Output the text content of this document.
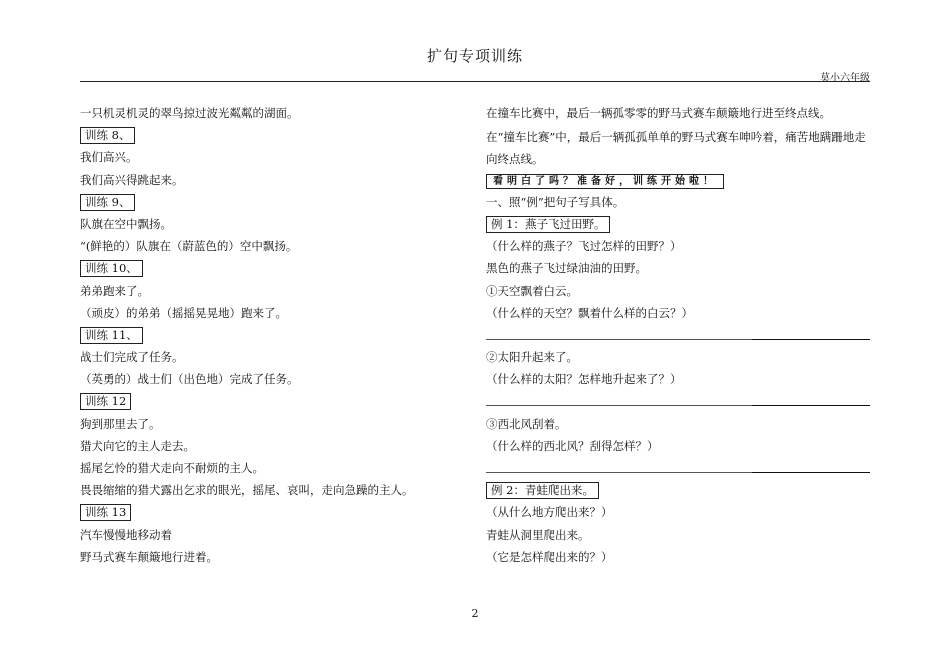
扩句专项训练
莫小六年级
一只机灵机灵的翠鸟掠过波光粼粼的湖面。
训练 8、
我们高兴。
我们高兴得跳起来。
训练 9、
队旗在空中飘扬。
“(鲜艳的）队旗在（蔚蓝色的）空中飘扬。
训练 10、
弟弟跑来了。
（顽皮）的弟弟（摇摇晃晃地）跑来了。
训练 11、
战士们完成了任务。
（英勇的）战士们（出色地）完成了任务。
训练 12
狗到那里去了。
猎犬向它的主人走去。
摇尾乞怜的猎犬走向不耐烦的主人。
畏畏缩缩的猎犬露出乞求的眼光，摇尾、哀叫，走向急躁的主人。
训练 13
汽车慢慢地移动着
野马式赛车颠簸地行进着。
在撞车比赛中，最后一辆孤零零的野马式赛车颠簸地行进至终点线。
在“撞车比赛”中，最后一辆孤孤单单的野马式赛车呻吟着，痛苦地蹒跚地走向终点线。
看明白了吗？准备好，训练开始啦！
一、照“例”把句子写具体。
例 1：燕子飞过田野。
（什么样的燕子？飞过怎样的田野？）
黑色的燕子飞过绿油油的田野。
①天空飘着白云。
（什么样的天空？飘着什么样的白云？）
②太阳升起来了。
（什么样的太阳？怎样地升起来了？）
③西北风刮着。
（什么样的西北风？刮得怎样？）
例 2：青蛙爬出来。
（从什么地方爬出来？）
青蛙从洞里爬出来。
（它是怎样爬出来的？）
2
